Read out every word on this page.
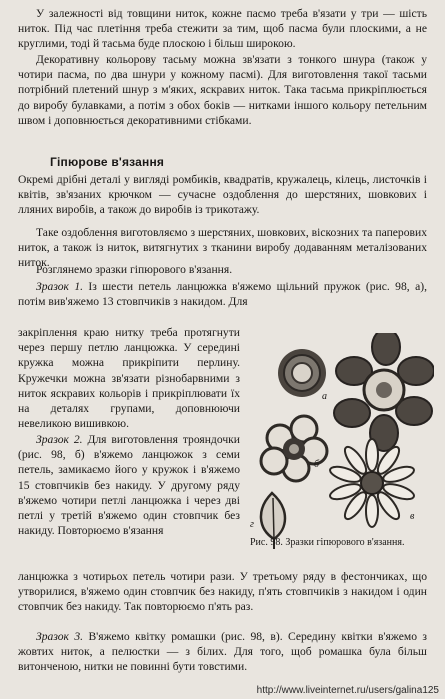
У залежності від товщини ниток, кожне пасмо треба в'язати у три — шість ниток. Під час плетіння треба стежити за тим, щоб пасма були плоскими, а не круглими, тоді й тасьма буде плоскою і більш широкою.

Декоративну кольорову тасьму можна зв'язати з тонкого шнура (також у чотири пасма, по два шнури у кожному пасмі). Для виготовлення такої тасьми потрібний плетений шнур з м'яких, яскравих ниток. Така тасьма прикріплюється до виробу булавками, а потім з обох боків — нитками іншого кольору петельним швом і доповнюється декоративними стібками.

Гіпюрове в'язання

Окремі дрібні деталі у вигляді ромбиків, квадратів, кружалець, кілець, листочків і квітів, зв'язаних крючком — сучасне оздоблення до шерстяних, шовкових і лляних виробів, а також до виробів із трикотажу.

Таке оздоблення виготовляємо з шерстяних, шовкових, віскозних та паперових ниток, а також із ниток, витягнутих з тканини виробу додаванням металізованих ниток.

Розглянемо зразки гіпюрового в'язання.

Зразок 1. Із шести петель ланцюжка в'яжемо щільний пружок (рис. 98, а), потім вив'яжемо 13 стовпчиків з накидом. Для

закріплення краю нитку треба протягнути через першу петлю ланцюжка. У середині кружка можна прикріпити перлину. Кружечки можна зв'язати різнобарвними з ниток яскравих кольорів і прикріплювати їх на деталях групами, доповнюючи невеликою вишивкою.

Зразок 2. Для виготовлення трояндочки (рис. 98, б) в'яжемо ланцюжок з семи петель, замикаємо його у кружок і в'яжемо 15 стовпчиків без накиду. У другому ряду в'яжемо чотири петлі ланцюжка і через дві петлі у третій в'яжемо один стовпчик без накиду. Повторюємо в'язання

ланцюжка з чотирьох петель чотири рази. У третьому ряду в фестончиках, що утворилися, в'яжемо один стовпчик без накиду, п'ять стовпчиків з накидом і один стовпчик без накиду. Так повторюємо п'ять раз.

Зразок 3. В'яжемо квітку ромашки (рис. 98, в). Середину квітки в'яжемо з жовтих ниток, а пелюстки — з білих. Для того, щоб ромашка була більш витонченою, нитки не повинні бути товстими.

а
б
в
г
Рис. 98. Зразки гіпюрового в'язання.
http://www.liveinternet.ru/users/galina125
